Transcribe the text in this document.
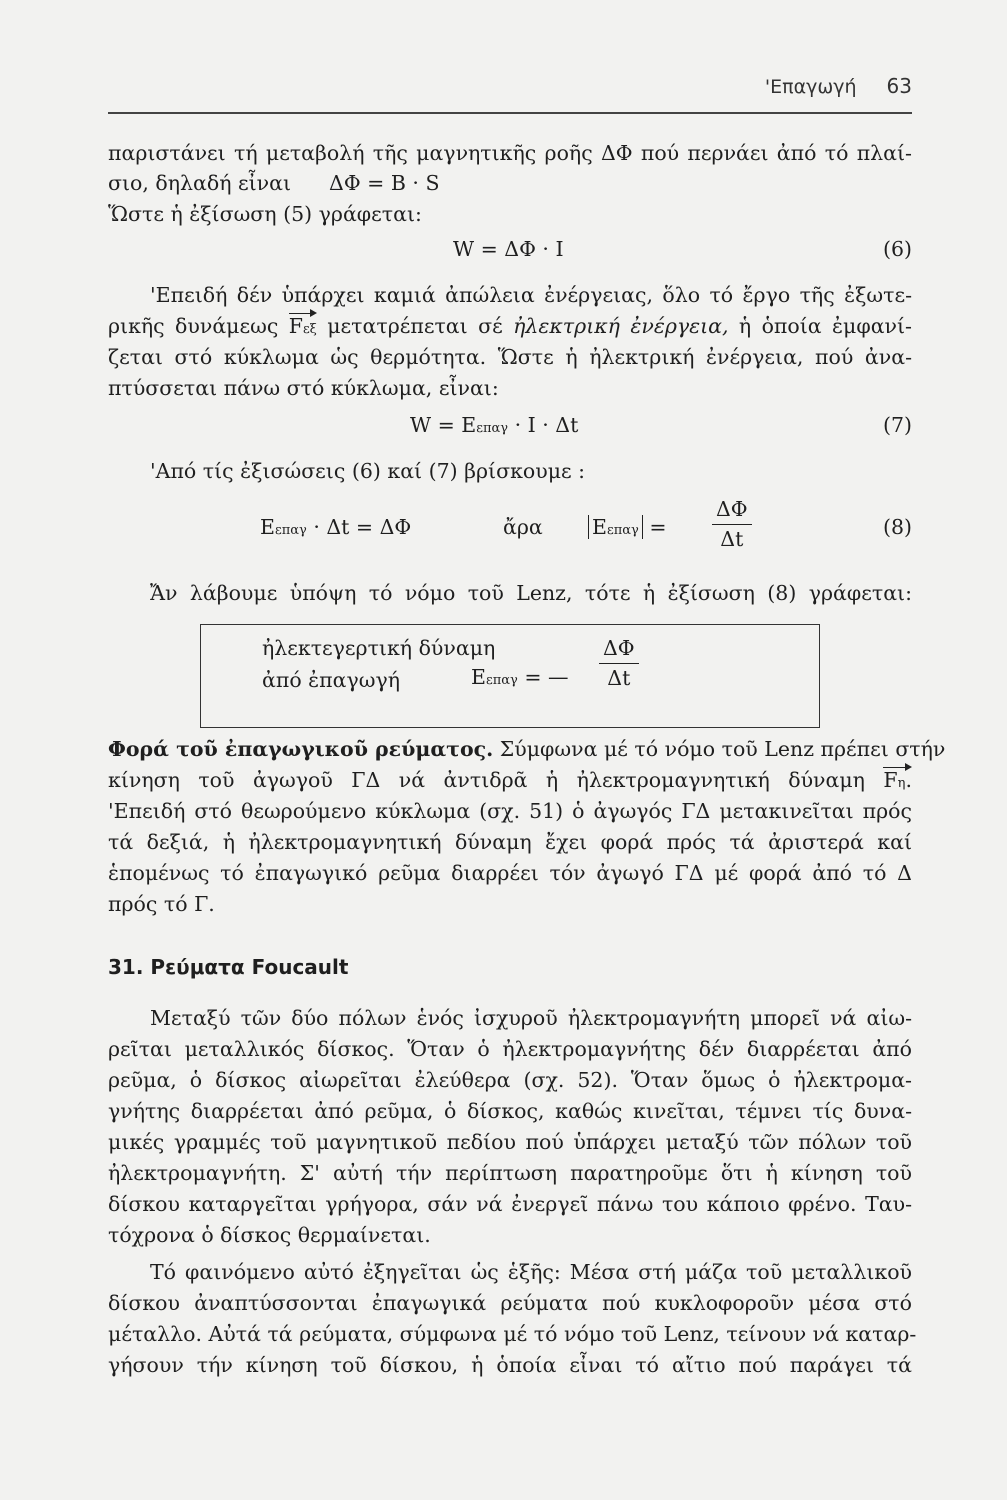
'Επαγωγή 63
παριστάνει τή μεταβολή τῆς μαγνητικῆς ροῆς ΔΦ πού περνάει ἀπό τό πλαί-
σιο, δηλαδή εἶναι ΔΦ = B · S
Ὥστε ἡ ἐξίσωση (5) γράφεται:
W = ΔΦ · I	(6)
'Επειδή δέν ὑπάρχει καμιά ἀπώλεια ἐνέργειας, ὅλο τό ἔργο τῆς ἐξωτε-
ρικῆς δυνάμεως Fεξ μετατρέπεται σέ ἠλεκτρική ἐνέργεια, ἡ ὁποία ἐμφανί-
ζεται στό κύκλωμα ὡς θερμότητα. Ὥστε ἡ ἠλεκτρική ἐνέργεια, πού ἀνα-
πτύσσεται πάνω στό κύκλωμα, εἶναι:
W = Eεπαγ · I · Δt	(7)
'Από τίς ἐξισώσεις (6) καί (7) βρίσκουμε :
Eεπαγ · Δt = ΔΦ	ἄρα $E\varepsilon\pi\alpha\gamma = \frac{\Delta\Phi}{\Delta t}$	(8)
Ἄν λάβουμε ὑπόψη τό νόμο τοῦ Lenz, τότε ἡ ἐξίσωση (8) γράφεται:
ἠλεκτεγερτική δύναμη
ἀπό ἐπαγωγή	Eεπαγ = — $\frac{\Delta\Phi}{\Delta t}$
Φορά τοῦ ἐπαγωγικοῦ ρεύματος. Σύμφωνα μέ τό νόμο τοῦ Lenz πρέπει στήν
κίνηση τοῦ ἀγωγοῦ ΓΔ νά ἀντιδρᾶ ἡ ἠλεκτρομαγνητική δύναμη Fη.
'Επειδή στό θεωρούμενο κύκλωμα (σχ. 51) ὁ ἀγωγός ΓΔ μετακινεῖται πρός
τά δεξιά, ἡ ἠλεκτρομαγνητική δύναμη ἔχει φορά πρός τά ἀριστερά καί
ἑπομένως τό ἐπαγωγικό ρεῦμα διαρρέει τόν ἀγωγό ΓΔ μέ φορά ἀπό τό Δ
πρός τό Γ.
31. Ρεύματα Foucault
Μεταξύ τῶν δύο πόλων ἑνός ἰσχυροῦ ἠλεκτρομαγνήτη μπορεῖ νά αἰω-
ρεῖται μεταλλικός δίσκος. Ὅταν ὁ ἠλεκτρομαγνήτης δέν διαρρέεται ἀπό
ρεῦμα, ὁ δίσκος αἰωρεῖται ἐλεύθερα (σχ. 52). Ὅταν ὅμως ὁ ἠλεκτρομα-
γνήτης διαρρέεται ἀπό ρεῦμα, ὁ δίσκος, καθώς κινεῖται, τέμνει τίς δυνα-
μικές γραμμές τοῦ μαγνητικοῦ πεδίου πού ὑπάρχει μεταξύ τῶν πόλων τοῦ
ἠλεκτρομαγνήτη. Σ' αὐτή τήν περίπτωση παρατηροῦμε ὅτι ἡ κίνηση τοῦ
δίσκου καταργεῖται γρήγορα, σάν νά ἐνεργεῖ πάνω του κάποιο φρένο. Ταυ-
τόχρονα ὁ δίσκος θερμαίνεται.
Τό φαινόμενο αὐτό ἐξηγεῖται ὡς ἑξῆς: Μέσα στή μάζα τοῦ μεταλλικοῦ
δίσκου ἀναπτύσσονται ἐπαγωγικά ρεύματα πού κυκλοφοροῦν μέσα στό
μέταλλο. Αὐτά τά ρεύματα, σύμφωνα μέ τό νόμο τοῦ Lenz, τείνουν νά καταρ-
γήσουν τήν κίνηση τοῦ δίσκου, ἡ ὁποία εἶναι τό αἴτιο πού παράγει τά
